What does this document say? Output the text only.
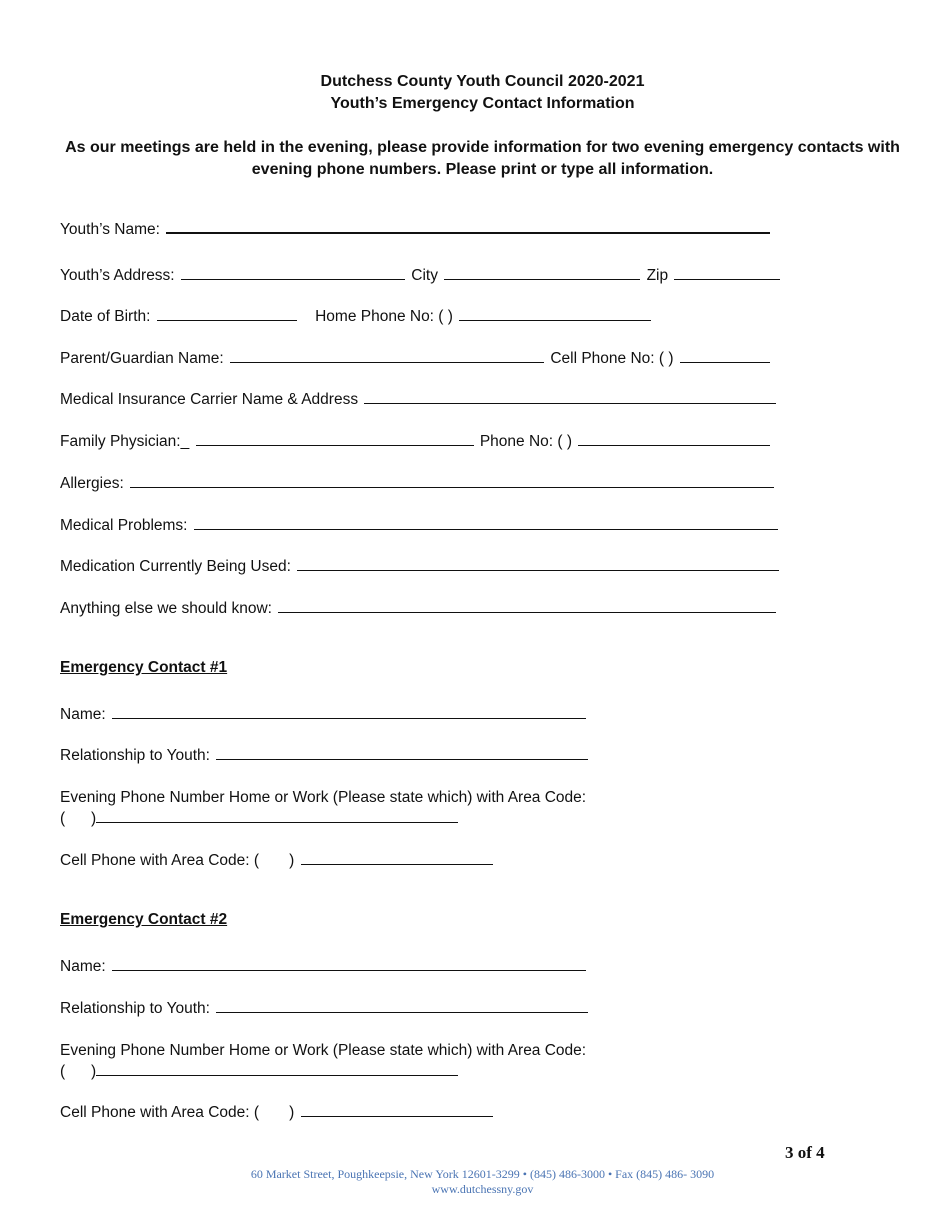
Dutchess County Youth Council 2020-2021
Youth’s Emergency Contact Information
As our meetings are held in the evening, please provide information for two evening emergency contacts with evening phone numbers. Please print or type all information.
Youth’s Name:
Youth’s Address:	City	Zip
Date of Birth:	Home Phone No: ( )
Parent/Guardian Name:	Cell Phone No: ( )
Medical Insurance Carrier Name & Address
Family Physician:_	Phone No: ( )
Allergies:
Medical Problems:
Medication Currently Being Used:
Anything else we should know:
Emergency Contact #1
Name:
Relationship to Youth:
Evening Phone Number Home or Work (Please state which) with Area Code:
(      )
Cell Phone with Area Code: (       )
Emergency Contact #2
Name:
Relationship to Youth:
Evening Phone Number Home or Work (Please state which) with Area Code:
(      )
Cell Phone with Area Code: (       )
3 of 4
60 Market Street, Poughkeepsie, New York 12601-3299 • (845) 486-3000 • Fax (845) 486- 3090
www.dutchessny.gov
